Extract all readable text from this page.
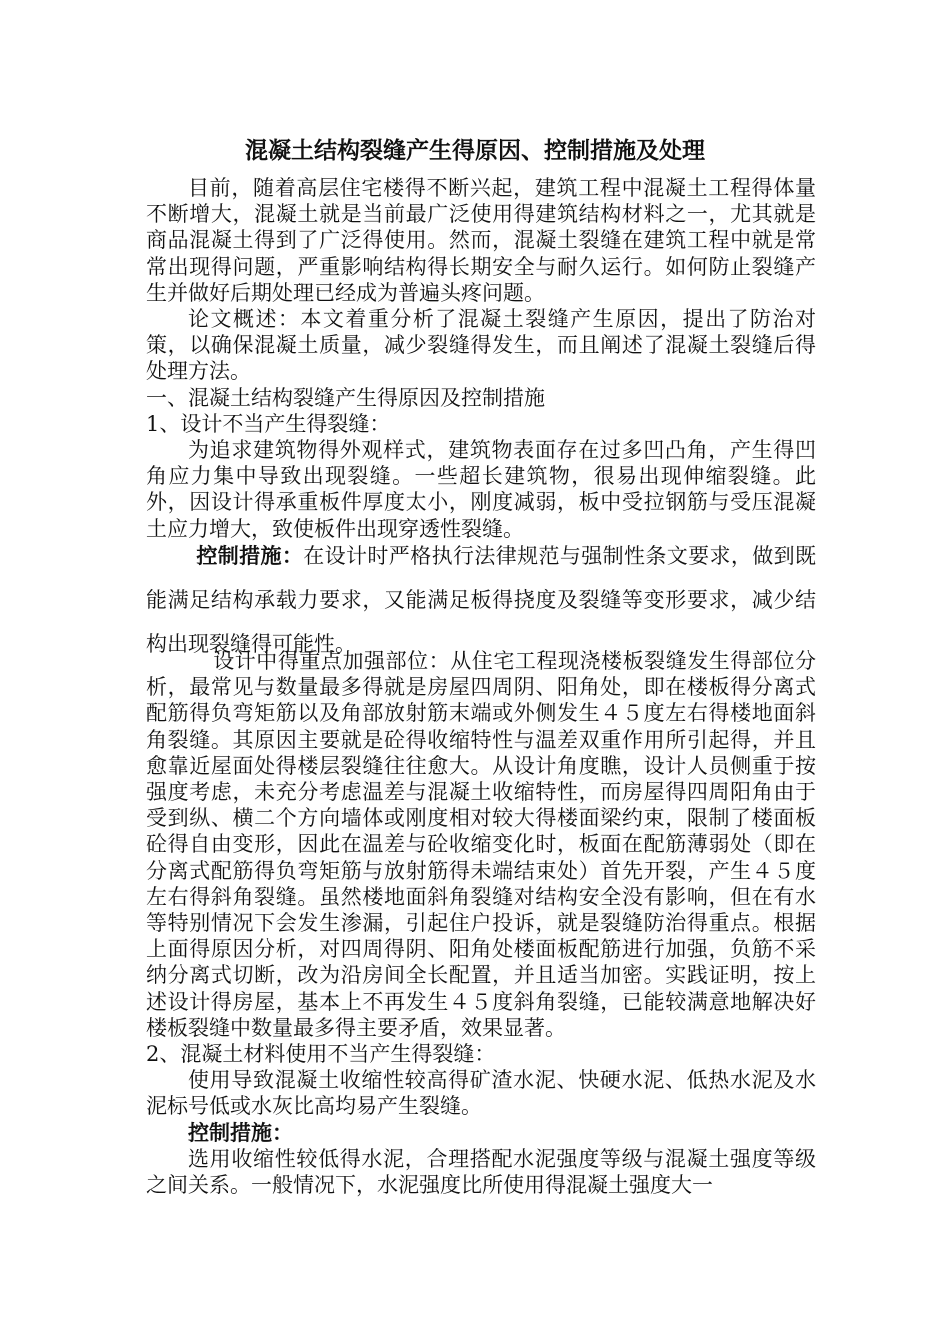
混凝土结构裂缝产生得原因、控制措施及处理

目前，随着高层住宅楼得不断兴起，建筑工程中混凝土工程得体量不断增大，混凝土就是当前最广泛使用得建筑结构材料之一，尤其就是商品混凝土得到了广泛得使用。然而，混凝土裂缝在建筑工程中就是常常出现得问题，严重影响结构得长期安全与耐久运行。如何防止裂缝产生并做好后期处理已经成为普遍头疼问题。

论文概述：本文着重分析了混凝土裂缝产生原因，提出了防治对策，以确保混凝土质量，减少裂缝得发生，而且阐述了混凝土裂缝后得处理方法。

一、混凝土结构裂缝产生得原因及控制措施

1、设计不当产生得裂缝：

为追求建筑物得外观样式，建筑物表面存在过多凹凸角，产生得凹角应力集中导致出现裂缝。一些超长建筑物，很易出现伸缩裂缝。此外，因设计得承重板件厚度太小，刚度减弱，板中受拉钢筋与受压混凝土应力增大，致使板件出现穿透性裂缝。

控制措施：在设计时严格执行法律规范与强制性条文要求，做到既能满足结构承载力要求，又能满足板得挠度及裂缝等变形要求，减少结构出现裂缝得可能性。

设计中得重点加强部位：从住宅工程现浇楼板裂缝发生得部位分析，最常见与数量最多得就是房屋四周阴、阳角处，即在楼板得分离式配筋得负弯矩筋以及角部放射筋末端或外侧发生４５度左右得楼地面斜角裂缝。其原因主要就是砼得收缩特性与温差双重作用所引起得，并且愈靠近屋面处得楼层裂缝往往愈大。从设计角度瞧，设计人员侧重于按强度考虑，未充分考虑温差与混凝土收缩特性，而房屋得四周阳角由于受到纵、横二个方向墙体或刚度相对较大得楼面梁约束，限制了楼面板砼得自由变形，因此在温差与砼收缩变化时，板面在配筋薄弱处（即在分离式配筋得负弯矩筋与放射筋得未端结束处）首先开裂，产生４５度左右得斜角裂缝。虽然楼地面斜角裂缝对结构安全没有影响，但在有水等特别情况下会发生渗漏，引起住户投诉，就是裂缝防治得重点。根据上面得原因分析，对四周得阴、阳角处楼面板配筋进行加强，负筋不采纳分离式切断，改为沿房间全长配置，并且适当加密。实践证明，按上述设计得房屋，基本上不再发生４５度斜角裂缝，已能较满意地解决好楼板裂缝中数量最多得主要矛盾，效果显著。

2、混凝土材料使用不当产生得裂缝：

使用导致混凝土收缩性较高得矿渣水泥、快硬水泥、低热水泥及水泥标号低或水灰比高均易产生裂缝。

控制措施：

选用收缩性较低得水泥，合理搭配水泥强度等级与混凝土强度等级之间关系。一般情况下，水泥强度比所使用得混凝土强度大一
